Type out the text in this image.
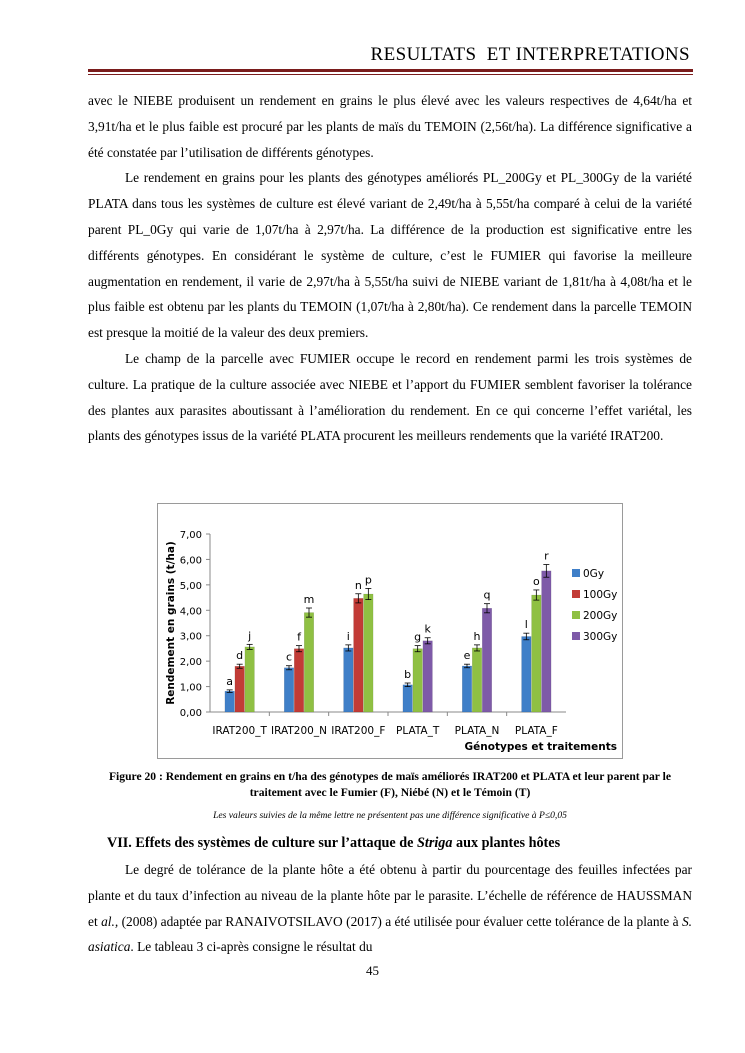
RESULTATS  ET INTERPRETATIONS

avec le NIEBE produisent un rendement en grains le plus élevé avec les valeurs respectives de 4,64t/ha et 3,91t/ha et le plus faible est procuré par les plants de maïs du TEMOIN (2,56t/ha). La différence significative a été constatée par l’utilisation de différents génotypes.

Le rendement en grains pour les plants des génotypes améliorés PL_200Gy et PL_300Gy de la variété PLATA dans tous les systèmes de culture est élevé variant de 2,49t/ha à 5,55t/ha comparé à celui de la variété parent PL_0Gy qui varie de 1,07t/ha à 2,97t/ha. La différence de la production est significative entre les différents génotypes. En considérant le système de culture, c’est le FUMIER qui favorise la meilleure augmentation en rendement, il varie de 2,97t/ha à 5,55t/ha suivi de NIEBE variant de 1,81t/ha à 4,08t/ha et le plus faible est obtenu par les plants du TEMOIN (1,07t/ha à 2,80t/ha). Ce rendement dans la parcelle TEMOIN est presque la moitié de la valeur des deux premiers.

Le champ de la parcelle avec FUMIER occupe le record en rendement parmi les trois systèmes de culture. La pratique de la culture associée avec NIEBE et l’apport du FUMIER semblent favoriser la tolérance des plantes aux parasites aboutissant à l’amélioration du rendement. En ce qui concerne l’effet variétal, les plants des génotypes issus de la variété PLATA procurent les meilleurs rendements que la variété IRAT200.

0,00
1,00
2,00
3,00
4,00
5,00
6,00
7,00
IRAT200_T
a
d
j
IRAT200_N
c
f
m
IRAT200_F
i
n p
PLATA_T
b
g
k
PLATA_N
e
h
q
PLATA_F
l
o
r
Rendement en grains (t/ha)
Génotypes et traitements
0Gy
100Gy
200Gy
300Gy
Figure 20 : Rendement en grains en t/ha des génotypes de maïs améliorés IRAT200 et PLATA et leur parent par le traitement avec le Fumier (F), Niébé (N) et le Témoin (T)
Les valeurs suivies de la même lettre ne présentent pas une différence significative à P≤0,05
VII. Effets des systèmes de culture sur l’attaque de Striga aux plantes hôtes

Le degré de tolérance de la plante hôte a été obtenu à partir du pourcentage des feuilles infectées par plante et du taux d’infection au niveau de la plante hôte par le parasite. L’échelle de référence de HAUSSMAN et al., (2008) adaptée par RANAIVOTSILAVO (2017) a été utilisée pour évaluer cette tolérance de la plante à S. asiatica. Le tableau 3 ci-après consigne le résultat du

45
